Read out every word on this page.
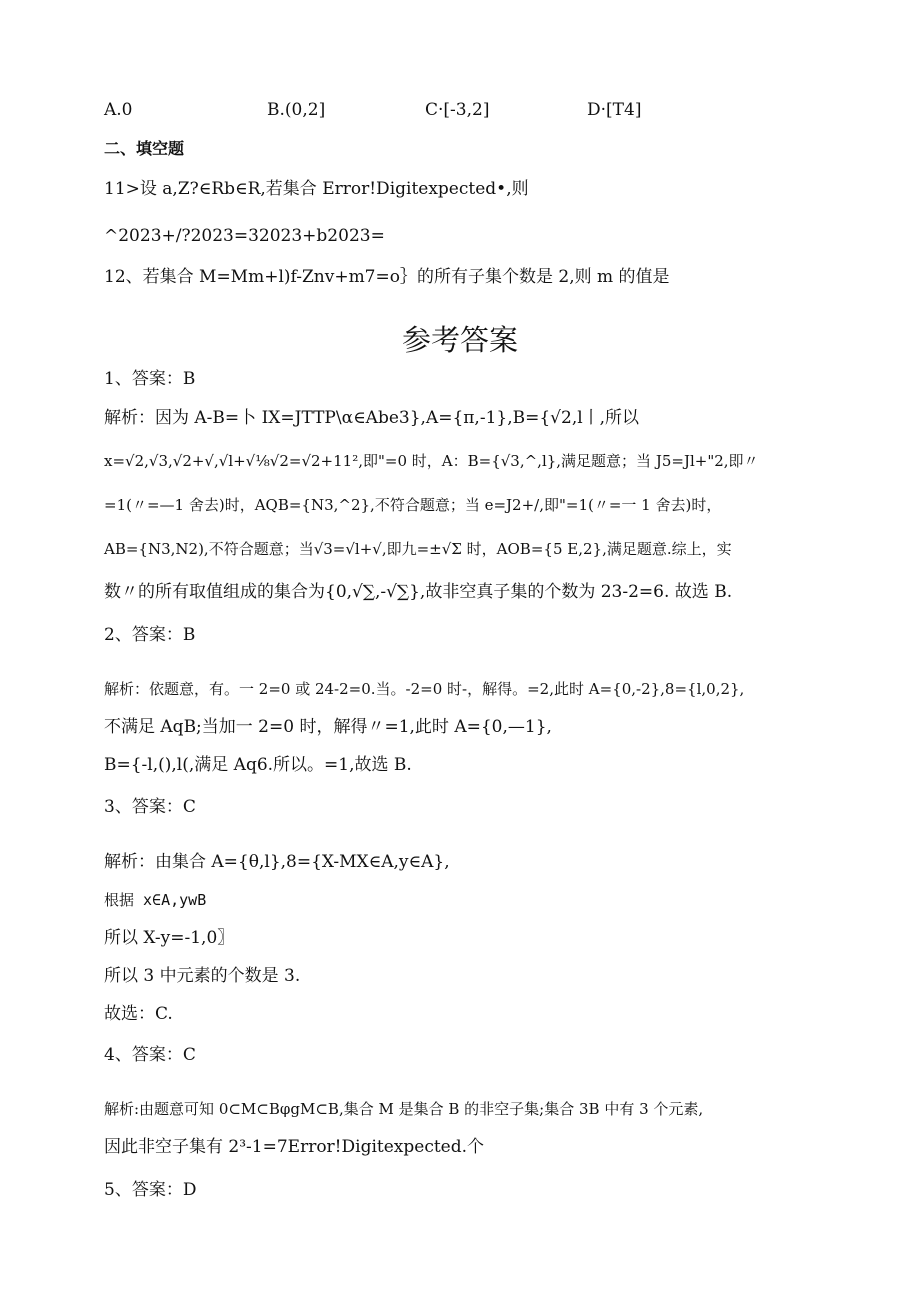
A.0	B.(0,2]	C·[-3,2]	D·[T4]
二、填空题
11>设 a,Z?∈Rb∈R,若集合 Error!Digitexpected•,则
^2023+/?2023=32023+b2023=
12、若集合 M=Mm+l)f-Znv+m7=o｝的所有子集个数是 2,则 m 的值是
参考答案
1、答案：B
解析：因为 A-B=卜 IX=JTTP\α∈Abe3},A={π,-1},B={√2,l丨,所以
x=√2,√3,√2+√,√l+√⅛√2=√2+11²,即"=0 时，A：B={√3,^,l},满足题意；当 J5=Jl+"2,即〃
=1(〃=—1 舍去)时，AQB={N3,^2},不符合题意；当 e=J2+/,即"=1(〃=一 1 舍去)时，
AB={N3,N2),不符合题意；当√3=√l+√,即九=±√Σ 时，AOB={5 E,2},满足题意.综上，实
数〃的所有取值组成的集合为{0,√∑,-√∑},故非空真子集的个数为 23-2=6. 故选 B.
2、答案：B
解析：依题意，有。一 2=0 或 24-2=0.当。-2=0 时-，解得。=2,此时 A={0,-2},8={l,0,2},
不满足 AqB;当加一 2=0 时，解得〃=1,此时 A={0,—1},
B={-l,(),l(,满足 Aq6.所以。=1,故选 B.
3、答案：C
解析：由集合 A={θ,l},8={X-MX∈A,y∈A},
根据 x∈A,ywB
所以 X-y=-1,0〗
所以 3 中元素的个数是 3.
故选：C.
4、答案：C
解析:由题意可知 0⊂M⊂BφgM⊂B,集合 M 是集合 B 的非空子集;集合 3B 中有 3 个元素,
因此非空子集有 2³-1=7Error!Digitexpected.个
5、答案：D
